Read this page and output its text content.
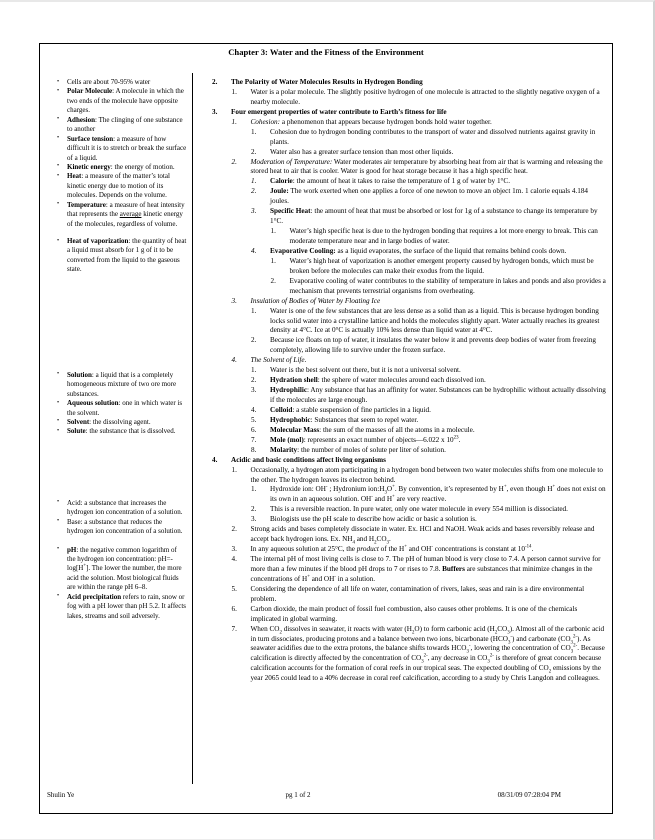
Chapter 3: Water and the Fitness of the Environment
• Cells are about 70-95% water
• Polar Molecule: A molecule in which the two ends of the molecule have opposite charges.
• Adhesion: The clinging of one substance to another
• Surface tension: a measure of how difficult it is to stretch or break the surface of a liquid.
• Kinetic energy: the energy of motion.
• Heat: a measure of the matter’s total kinetic energy due to motion of its molecules. Depends on the volume.
• Temperature: a measure of heat intensity that represents the average kinetic energy of the molecules, regardless of volume.
• Heat of vaporization: the quantity of heat a liquid must absorb for 1 g of it to be converted from the liquid to the gaseous state.
• Solution: a liquid that is a completely homogeneous mixture of two ore more substances.
• Aqueous solution: one in which water is the solvent.
• Solvent: the dissolving agent.
• Solute: the substance that is dissolved.
• Acid: a substance that increases the hydrogen ion concentration of a solution.
• Base: a substance that reduces the hydrogen ion concentration of a solution.
• pH: the negative common logarithm of the hydrogen ion concentration: pH=-log[H+]. The lower the number, the more acid the solution. Most biological fluids are within the range pH 6–8.
• Acid precipitation refers to rain, snow or fog with a pH lower than pH 5.2. It affects lakes, streams and soil adversely.
2.	The Polarity of Water Molecules Results in Hydrogen Bonding
1.	Water is a polar molecule. The slightly positive hydrogen of one molecule is attracted to the slightly negative oxygen of a nearby molecule.
3.	Four emergent properties of water contribute to Earth’s fitness for life
1.	Cohesion: a phenomenon that appears because hydrogen bonds hold water together.
1.	Cohesion due to hydrogen bonding contributes to the transport of water and dissolved nutrients against gravity in plants.
2.	Water also has a greater surface tension than most other liquids.
2.	Moderation of Temperature: Water moderates air temperature by absorbing heat from air that is warming and releasing the stored heat to air that is cooler. Water is good for heat storage because it has a high specific heat.
1.	Calorie: the amount of heat it takes to raise the temperature of 1 g of water by 1°C.
2.	Joule: The work exerted when one applies a force of one newton to move an object 1m. 1 calorie equals 4.184 joules.
3.	Specific Heat: the amount of heat that must be absorbed or lost for 1g of a substance to change its temperature by 1°C.
1.	Water’s high specific heat is due to the hydrogen bonding that requires a lot more energy to break. This can moderate temperature near and in large bodies of water.
4.	Evaporative Cooling: as a liquid evaporates, the surface of the liquid that remains behind cools down.
1.	Water’s high heat of vaporization is another emergent property caused by hydrogen bonds, which must be broken before the molecules can make their exodus from the liquid.
2.	Evaporative cooling of water contributes to the stability of temperature in lakes and ponds and also provides a mechanism that prevents terrestrial organisms from overheating.
3.	Insulation of Bodies of Water by Floating Ice
1.	Water is one of the few substances that are less dense as a solid than as a liquid. This is because hydrogen bonding locks solid water into a crystalline lattice and holds the molecules slightly apart. Water actually reaches its greatest density at 4°C. Ice at 0°C is actually 10% less dense than liquid water at 4°C.
2.	Because ice floats on top of water, it insulates the water below it and prevents deep bodies of water from freezing completely, allowing life to survive under the frozen surface.
4.	The Solvent of Life.
1.	Water is the best solvent out there, but it is not a universal solvent.
2.	Hydration shell: the sphere of water molecules around each dissolved ion.
3.	Hydrophilic: Any substance that has an affinity for water. Substances can be hydrophilic without actually dissolving if the molecules are large enough.
4.	Colloid: a stable suspension of fine particles in a liquid.
5.	Hydrophobic: Substances that seem to repel water.
6.	Molecular Mass: the sum of the masses of all the atoms in a molecule.
7.	Mole (mol): represents an exact number of objects—6.022 x $10^{23}$.
8.	Molarity: the number of moles of solute per liter of solution.
4.	Acidic and basic conditions affect living organisms
1.	Occasionally, a hydrogen atom participating in a hydrogen bond between two water molecules shifts from one molecule to the other. The hydrogen leaves its electron behind.
1.	Hydroxide ion: OH- ; Hydronium $ion:H_3O^+$. By convention, it’s represented by H+, even though H+ does not exist on its own in an aqueous solution. OH- and H+ are very reactive.
2.	This is a reversible reaction. In pure water, only one water molecule in every 554 million is dissociated.
3.	Biologists use the pH scale to describe how acidic or basic a solution is.
2.	Strong acids and bases completely dissociate in water. Ex. HCl and NaOH. Weak acids and bases reversibly release and accept back hydrogen ions. Ex. $NH_4$ and $H_2CO_3$.
3.	In any aqueous solution at 25°C, the product of the H+ and OH- concentrations is constant at $10^{-14}$.
4.	The internal pH of most living cells is close to 7. The pH of human blood is very close to 7.4. A person cannot survive for more than a few minutes if the blood pH drops to 7 or rises to 7.8. Buffers are substances that minimize changes in the concentrations of H+ and OH- in a solution.
5.	Considering the dependence of all life on water, contamination of rivers, lakes, seas and rain is a dire environmental problem.
6.	Carbon dioxide, the main product of fossil fuel combustion, also causes other problems. It is one of the chemicals implicated in global warming.
7.	When $CO_2$ dissolves in seawater, it reacts with water $(H_2O)$ to form carbonic acid $(H_2CO_3)$. Almost all of the carbonic acid in turn dissociates, producing protons and a balance between two ions, bicarbonate $(HCO_3^-)$ and carbonate $(CO_3^{2-})$. As seawater acidifies due to the extra protons, the balance shifts towards $HCO_3^-$, lowering the concentration of $CO_3^{2-}$. Because calcification is directly affected by the concentration of $CO_3^{2-}$, any decrease in $CO_3^{2-}$ is therefore of great concern because calcification accounts for the formation of coral reefs in our tropical seas. The expected doubling of $CO_2$ emissions by the year 2065 could lead to a 40% decrease in coral reef calcification, according to a study by Chris Langdon and colleagues.
Shulin Ye	pg 1 of 2	08/31/09 07:28:04 PM
